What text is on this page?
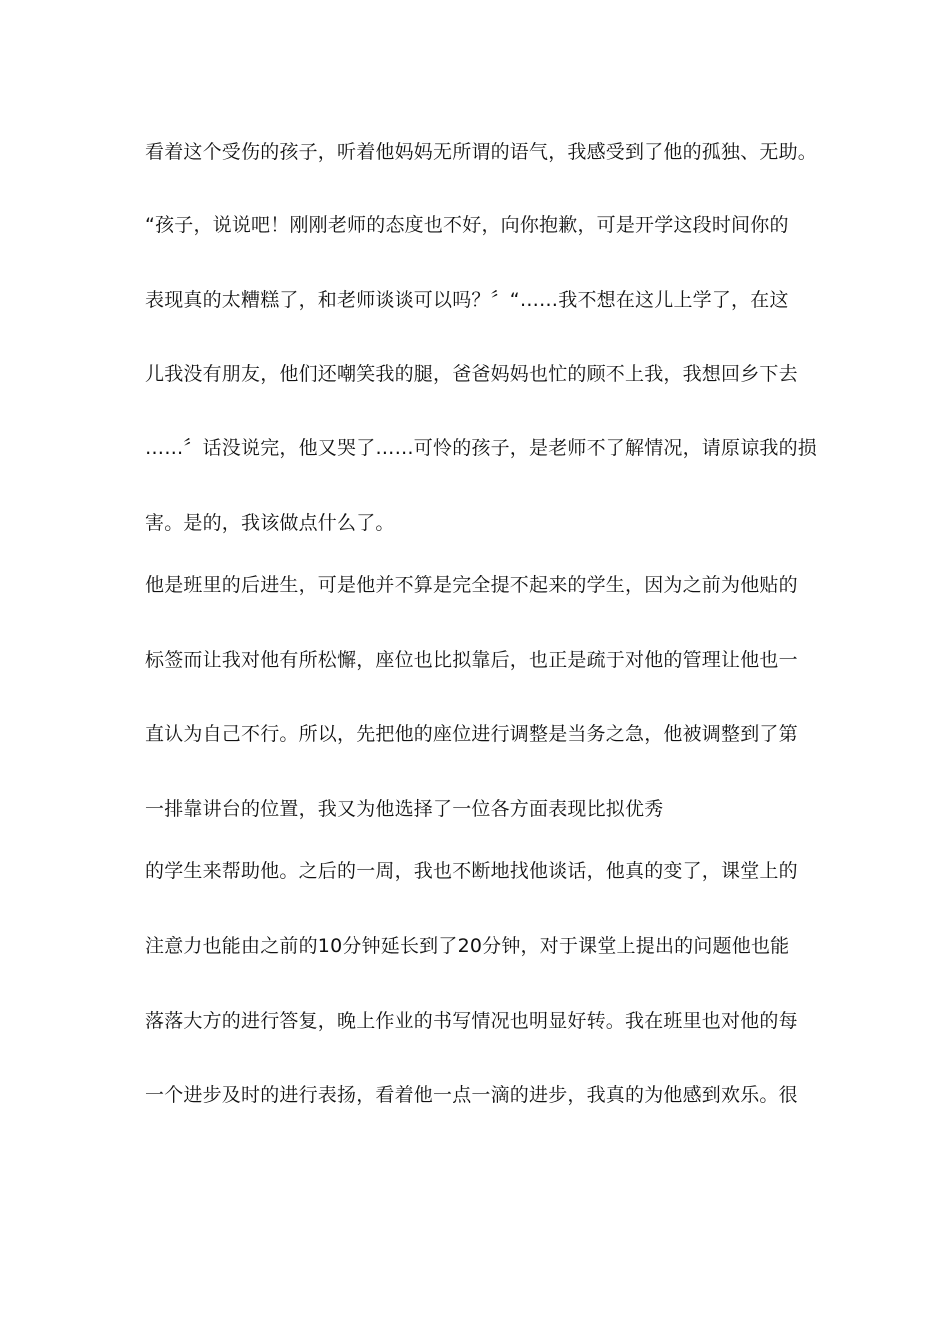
看着这个受伤的孩子，听着他妈妈无所谓的语气，我感受到了他的孤独、无助。
“孩子，说说吧！刚刚老师的态度也不好，向你抱歉，可是开学这段时间你的
表现真的太糟糕了，和老师谈谈可以吗？〞“……我不想在这儿上学了，在这
儿我没有朋友，他们还嘲笑我的腿，爸爸妈妈也忙的顾不上我，我想回乡下去
……〞话没说完，他又哭了……可怜的孩子，是老师不了解情况，请原谅我的损
害。是的，我该做点什么了。
他是班里的后进生，可是他并不算是完全提不起来的学生，因为之前为他贴的
标签而让我对他有所松懈，座位也比拟靠后，也正是疏于对他的管理让他也一
直认为自己不行。所以，先把他的座位进行调整是当务之急，他被调整到了第
一排靠讲台的位置，我又为他选择了一位各方面表现比拟优秀
的学生来帮助他。之后的一周，我也不断地找他谈话，他真的变了，课堂上的
注意力也能由之前的10分钟延长到了20分钟，对于课堂上提出的问题他也能
落落大方的进行答复，晚上作业的书写情况也明显好转。我在班里也对他的每
一个进步及时的进行表扬，看着他一点一滴的进步，我真的为他感到欢乐。很
